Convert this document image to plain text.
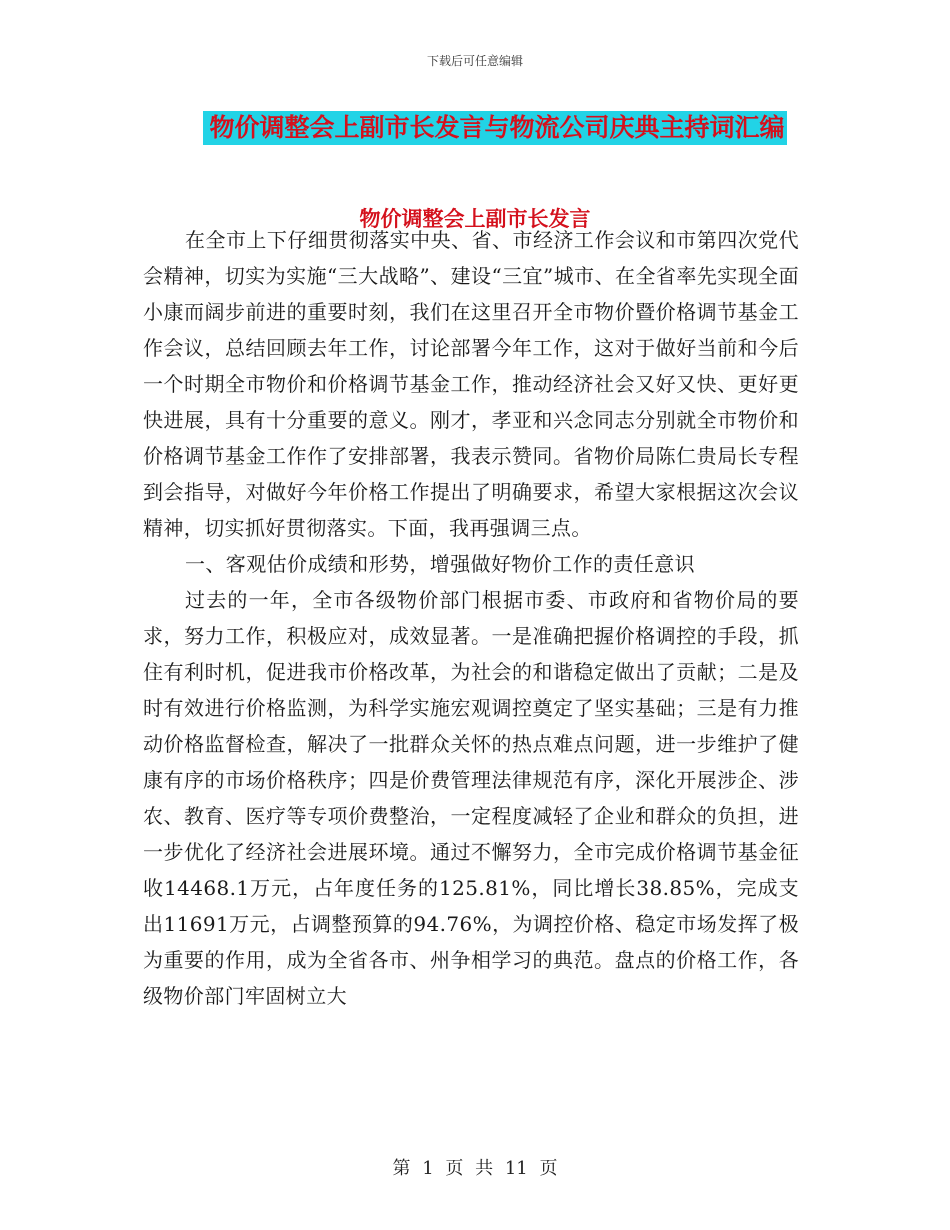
下载后可任意编辑
物价调整会上副市长发言与物流公司庆典主持词汇编
物价调整会上副市长发言

在全市上下仔细贯彻落实中央、省、市经济工作会议和市第四次党代会精神，切实为实施“三大战略”、建设“三宜”城市、在全省率先实现全面小康而阔步前进的重要时刻，我们在这里召开全市物价暨价格调节基金工作会议，总结回顾去年工作，讨论部署今年工作，这对于做好当前和今后一个时期全市物价和价格调节基金工作，推动经济社会又好又快、更好更快进展，具有十分重要的意义。刚才，孝亚和兴念同志分别就全市物价和价格调节基金工作作了安排部署，我表示赞同。省物价局陈仁贵局长专程到会指导，对做好今年价格工作提出了明确要求，希望大家根据这次会议精神，切实抓好贯彻落实。下面，我再强调三点。

一、客观估价成绩和形势，增强做好物价工作的责任意识

过去的一年，全市各级物价部门根据市委、市政府和省物价局的要求，努力工作，积极应对，成效显著。一是准确把握价格调控的手段，抓住有利时机，促进我市价格改革，为社会的和谐稳定做出了贡献；二是及时有效进行价格监测，为科学实施宏观调控奠定了坚实基础；三是有力推动价格监督检查，解决了一批群众关怀的热点难点问题，进一步维护了健康有序的市场价格秩序；四是价费管理法律规范有序，深化开展涉企、涉农、教育、医疗等专项价费整治，一定程度减轻了企业和群众的负担，进一步优化了经济社会进展环境。通过不懈努力，全市完成价格调节基金征收14468.1万元，占年度任务的125.81%，同比增长38.85%，完成支出11691万元，占调整预算的94.76%，为调控价格、稳定市场发挥了极为重要的作用，成为全省各市、州争相学习的典范。盘点的价格工作，各级物价部门牢固树立大

第 1 页 共 11 页
